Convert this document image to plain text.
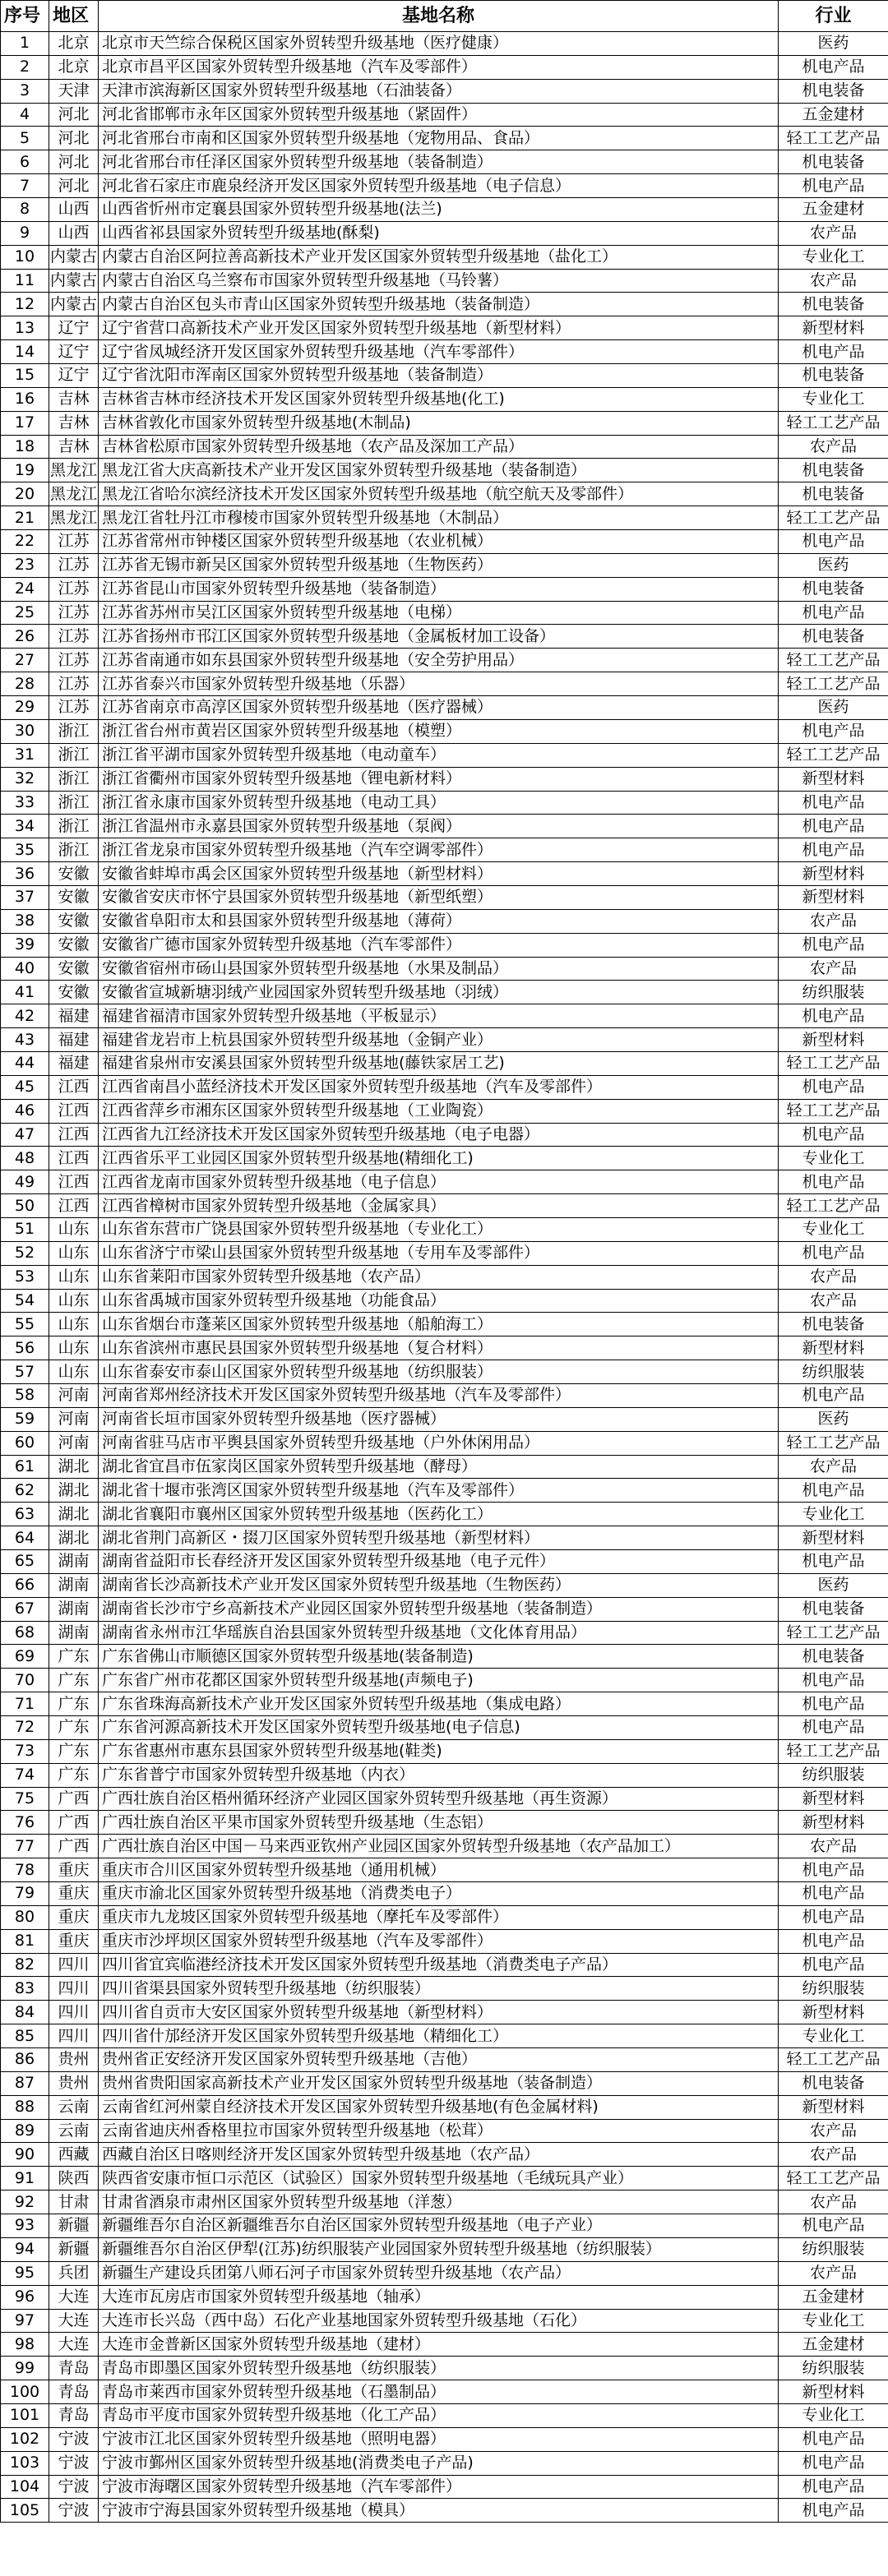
序号	地区	基地名称	行业
1	北京	北京市天竺综合保税区国家外贸转型升级基地（医疗健康）	医药
2	北京	北京市昌平区国家外贸转型升级基地（汽车及零部件）	机电产品
3	天津	天津市滨海新区国家外贸转型升级基地（石油装备）	机电装备
4	河北	河北省邯郸市永年区国家外贸转型升级基地（紧固件）	五金建材
5	河北	河北省邢台市南和区国家外贸转型升级基地（宠物用品、食品）	轻工工艺产品
6	河北	河北省邢台市任泽区国家外贸转型升级基地（装备制造）	机电装备
7	河北	河北省石家庄市鹿泉经济开发区国家外贸转型升级基地（电子信息）	机电产品
8	山西	山西省忻州市定襄县国家外贸转型升级基地(法兰)	五金建材
9	山西	山西省祁县国家外贸转型升级基地(酥梨)	农产品
10	内蒙古	内蒙古自治区阿拉善高新技术产业开发区国家外贸转型升级基地（盐化工）	专业化工
11	内蒙古	内蒙古自治区乌兰察布市国家外贸转型升级基地（马铃薯）	农产品
12	内蒙古	内蒙古自治区包头市青山区国家外贸转型升级基地（装备制造）	机电装备
13	辽宁	辽宁省营口高新技术产业开发区国家外贸转型升级基地（新型材料）	新型材料
14	辽宁	辽宁省凤城经济开发区国家外贸转型升级基地（汽车零部件）	机电产品
15	辽宁	辽宁省沈阳市浑南区国家外贸转型升级基地（装备制造）	机电装备
16	吉林	吉林省吉林市经济技术开发区国家外贸转型升级基地(化工)	专业化工
17	吉林	吉林省敦化市国家外贸转型升级基地(木制品)	轻工工艺产品
18	吉林	吉林省松原市国家外贸转型升级基地（农产品及深加工产品）	农产品
19	黑龙江	黑龙江省大庆高新技术产业开发区国家外贸转型升级基地（装备制造）	机电装备
20	黑龙江	黑龙江省哈尔滨经济技术开发区国家外贸转型升级基地（航空航天及零部件）	机电装备
21	黑龙江	黑龙江省牡丹江市穆棱市国家外贸转型升级基地（木制品）	轻工工艺产品
22	江苏	江苏省常州市钟楼区国家外贸转型升级基地（农业机械）	机电产品
23	江苏	江苏省无锡市新吴区国家外贸转型升级基地（生物医药）	医药
24	江苏	江苏省昆山市国家外贸转型升级基地（装备制造）	机电装备
25	江苏	江苏省苏州市吴江区国家外贸转型升级基地（电梯）	机电产品
26	江苏	江苏省扬州市邗江区国家外贸转型升级基地（金属板材加工设备）	机电装备
27	江苏	江苏省南通市如东县国家外贸转型升级基地（安全劳护用品）	轻工工艺产品
28	江苏	江苏省泰兴市国家外贸转型升级基地（乐器）	轻工工艺产品
29	江苏	江苏省南京市高淳区国家外贸转型升级基地（医疗器械）	医药
30	浙江	浙江省台州市黄岩区国家外贸转型升级基地（模塑）	机电产品
31	浙江	浙江省平湖市国家外贸转型升级基地（电动童车）	轻工工艺产品
32	浙江	浙江省衢州市国家外贸转型升级基地（锂电新材料）	新型材料
33	浙江	浙江省永康市国家外贸转型升级基地（电动工具）	机电产品
34	浙江	浙江省温州市永嘉县国家外贸转型升级基地（泵阀）	机电产品
35	浙江	浙江省龙泉市国家外贸转型升级基地（汽车空调零部件）	机电产品
36	安徽	安徽省蚌埠市禹会区国家外贸转型升级基地（新型材料）	新型材料
37	安徽	安徽省安庆市怀宁县国家外贸转型升级基地（新型纸塑）	新型材料
38	安徽	安徽省阜阳市太和县国家外贸转型升级基地（薄荷）	农产品
39	安徽	安徽省广德市国家外贸转型升级基地（汽车零部件）	机电产品
40	安徽	安徽省宿州市砀山县国家外贸转型升级基地（水果及制品）	农产品
41	安徽	安徽省宣城新塘羽绒产业园国家外贸转型升级基地（羽绒）	纺织服装
42	福建	福建省福清市国家外贸转型升级基地（平板显示）	机电产品
43	福建	福建省龙岩市上杭县国家外贸转型升级基地（金铜产业）	新型材料
44	福建	福建省泉州市安溪县国家外贸转型升级基地(藤铁家居工艺)	轻工工艺产品
45	江西	江西省南昌小蓝经济技术开发区国家外贸转型升级基地（汽车及零部件）	机电产品
46	江西	江西省萍乡市湘东区国家外贸转型升级基地（工业陶瓷）	轻工工艺产品
47	江西	江西省九江经济技术开发区国家外贸转型升级基地（电子电器）	机电产品
48	江西	江西省乐平工业园区国家外贸转型升级基地(精细化工)	专业化工
49	江西	江西省龙南市国家外贸转型升级基地（电子信息）	机电产品
50	江西	江西省樟树市国家外贸转型升级基地（金属家具）	轻工工艺产品
51	山东	山东省东营市广饶县国家外贸转型升级基地（专业化工）	专业化工
52	山东	山东省济宁市梁山县国家外贸转型升级基地（专用车及零部件）	机电产品
53	山东	山东省莱阳市国家外贸转型升级基地（农产品）	农产品
54	山东	山东省禹城市国家外贸转型升级基地（功能食品）	农产品
55	山东	山东省烟台市蓬莱区国家外贸转型升级基地（船舶海工）	机电装备
56	山东	山东省滨州市惠民县国家外贸转型升级基地（复合材料）	新型材料
57	山东	山东省泰安市泰山区国家外贸转型升级基地（纺织服装）	纺织服装
58	河南	河南省郑州经济技术开发区国家外贸转型升级基地（汽车及零部件）	机电产品
59	河南	河南省长垣市国家外贸转型升级基地（医疗器械）	医药
60	河南	河南省驻马店市平舆县国家外贸转型升级基地（户外休闲用品）	轻工工艺产品
61	湖北	湖北省宜昌市伍家岗区国家外贸转型升级基地（酵母）	农产品
62	湖北	湖北省十堰市张湾区国家外贸转型升级基地（汽车及零部件）	机电产品
63	湖北	湖北省襄阳市襄州区国家外贸转型升级基地（医药化工）	专业化工
64	湖北	湖北省荆门高新区・掇刀区国家外贸转型升级基地（新型材料）	新型材料
65	湖南	湖南省益阳市长春经济开发区国家外贸转型升级基地（电子元件）	机电产品
66	湖南	湖南省长沙高新技术产业开发区国家外贸转型升级基地（生物医药）	医药
67	湖南	湖南省长沙市宁乡高新技术产业园区国家外贸转型升级基地（装备制造）	机电装备
68	湖南	湖南省永州市江华瑶族自治县国家外贸转型升级基地（文化体育用品）	轻工工艺产品
69	广东	广东省佛山市顺德区国家外贸转型升级基地(装备制造)	机电装备
70	广东	广东省广州市花都区国家外贸转型升级基地(声频电子)	机电产品
71	广东	广东省珠海高新技术产业开发区国家外贸转型升级基地（集成电路）	机电产品
72	广东	广东省河源高新技术开发区国家外贸转型升级基地(电子信息)	机电产品
73	广东	广东省惠州市惠东县国家外贸转型升级基地(鞋类)	轻工工艺产品
74	广东	广东省普宁市国家外贸转型升级基地（内衣）	纺织服装
75	广西	广西壮族自治区梧州循环经济产业园区国家外贸转型升级基地（再生资源）	新型材料
76	广西	广西壮族自治区平果市国家外贸转型升级基地（生态铝）	新型材料
77	广西	广西壮族自治区中国－马来西亚钦州产业园区国家外贸转型升级基地（农产品加工）	农产品
78	重庆	重庆市合川区国家外贸转型升级基地（通用机械）	机电产品
79	重庆	重庆市渝北区国家外贸转型升级基地（消费类电子）	机电产品
80	重庆	重庆市九龙坡区国家外贸转型升级基地（摩托车及零部件）	机电产品
81	重庆	重庆市沙坪坝区国家外贸转型升级基地（汽车及零部件）	机电产品
82	四川	四川省宜宾临港经济技术开发区国家外贸转型升级基地（消费类电子产品）	机电产品
83	四川	四川省渠县国家外贸转型升级基地（纺织服装）	纺织服装
84	四川	四川省自贡市大安区国家外贸转型升级基地（新型材料）	新型材料
85	四川	四川省什邡经济开发区国家外贸转型升级基地（精细化工）	专业化工
86	贵州	贵州省正安经济开发区国家外贸转型升级基地（吉他）	轻工工艺产品
87	贵州	贵州省贵阳国家高新技术产业开发区国家外贸转型升级基地（装备制造）	机电装备
88	云南	云南省红河州蒙自经济技术开发区国家外贸转型升级基地(有色金属材料)	新型材料
89	云南	云南省迪庆州香格里拉市国家外贸转型升级基地（松茸）	农产品
90	西藏	西藏自治区日喀则经济开发区国家外贸转型升级基地（农产品）	农产品
91	陕西	陕西省安康市恒口示范区（试验区）国家外贸转型升级基地（毛绒玩具产业）	轻工工艺产品
92	甘肃	甘肃省酒泉市肃州区国家外贸转型升级基地（洋葱）	农产品
93	新疆	新疆维吾尔自治区新疆维吾尔自治区国家外贸转型升级基地（电子产业）	机电产品
94	新疆	新疆维吾尔自治区伊犁(江苏)纺织服装产业园国家外贸转型升级基地（纺织服装）	纺织服装
95	兵团	新疆生产建设兵团第八师石河子市国家外贸转型升级基地（农产品）	农产品
96	大连	大连市瓦房店市国家外贸转型升级基地（轴承）	五金建材
97	大连	大连市长兴岛（西中岛）石化产业基地国家外贸转型升级基地（石化）	专业化工
98	大连	大连市金普新区国家外贸转型升级基地（建材）	五金建材
99	青岛	青岛市即墨区国家外贸转型升级基地（纺织服装）	纺织服装
100	青岛	青岛市莱西市国家外贸转型升级基地（石墨制品）	新型材料
101	青岛	青岛市平度市国家外贸转型升级基地（化工产品）	专业化工
102	宁波	宁波市江北区国家外贸转型升级基地（照明电器）	机电产品
103	宁波	宁波市鄞州区国家外贸转型升级基地(消费类电子产品)	机电产品
104	宁波	宁波市海曙区国家外贸转型升级基地（汽车零部件）	机电产品
105	宁波	宁波市宁海县国家外贸转型升级基地（模具）	机电产品
